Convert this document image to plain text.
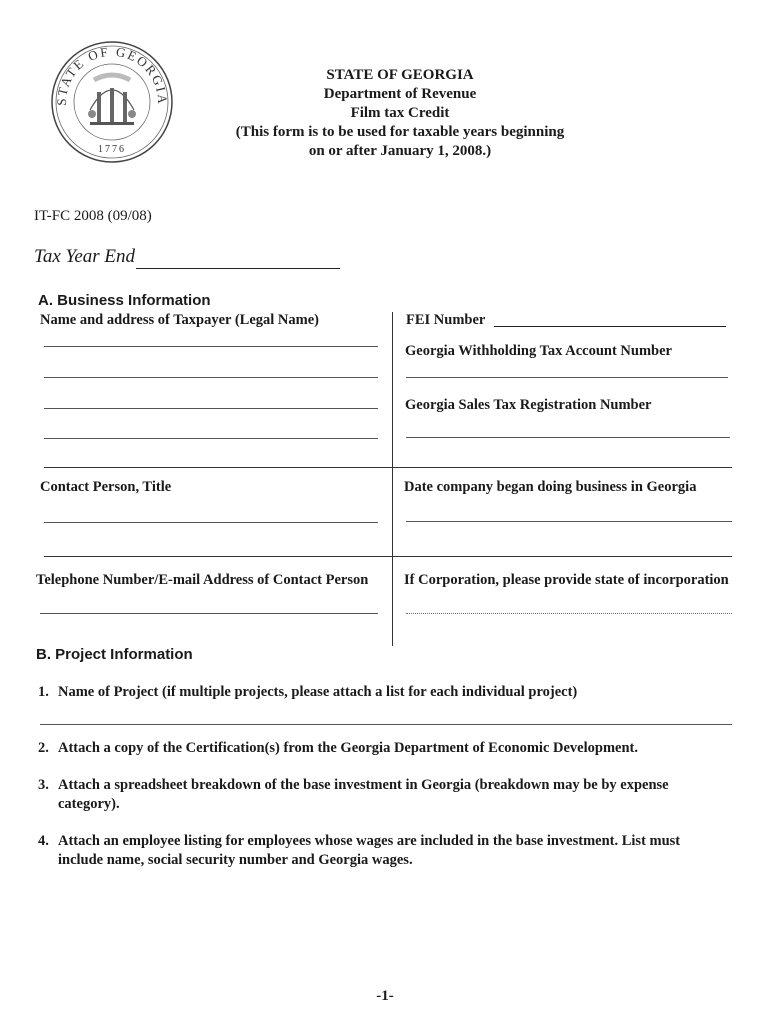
STATE OF GEORGIA
1776
STATE OF GEORGIA
Department of Revenue
Film tax Credit
(This form is to be used for taxable years beginning
on or after January 1, 2008.)
IT-FC 2008 (09/08)
Tax Year End
A. Business Information
Name and address of Taxpayer (Legal Name)	FEI Number
Georgia Withholding Tax Account Number
Georgia Sales Tax Registration Number
Contact Person, Title	Date company began doing business in Georgia
Telephone Number/E-mail Address of Contact Person If Corporation, please provide state of incorporation
B. Project Information
1. Name of Project (if multiple projects, please attach a list for each individual project)
2. Attach a copy of the Certification(s) from the Georgia Department of Economic Development.
3. Attach a spreadsheet breakdown of the base investment in Georgia (breakdown may be by expense
category).
4. Attach an employee listing for employees whose wages are included in the base investment. List must
include name, social security number and Georgia wages.
-1-
